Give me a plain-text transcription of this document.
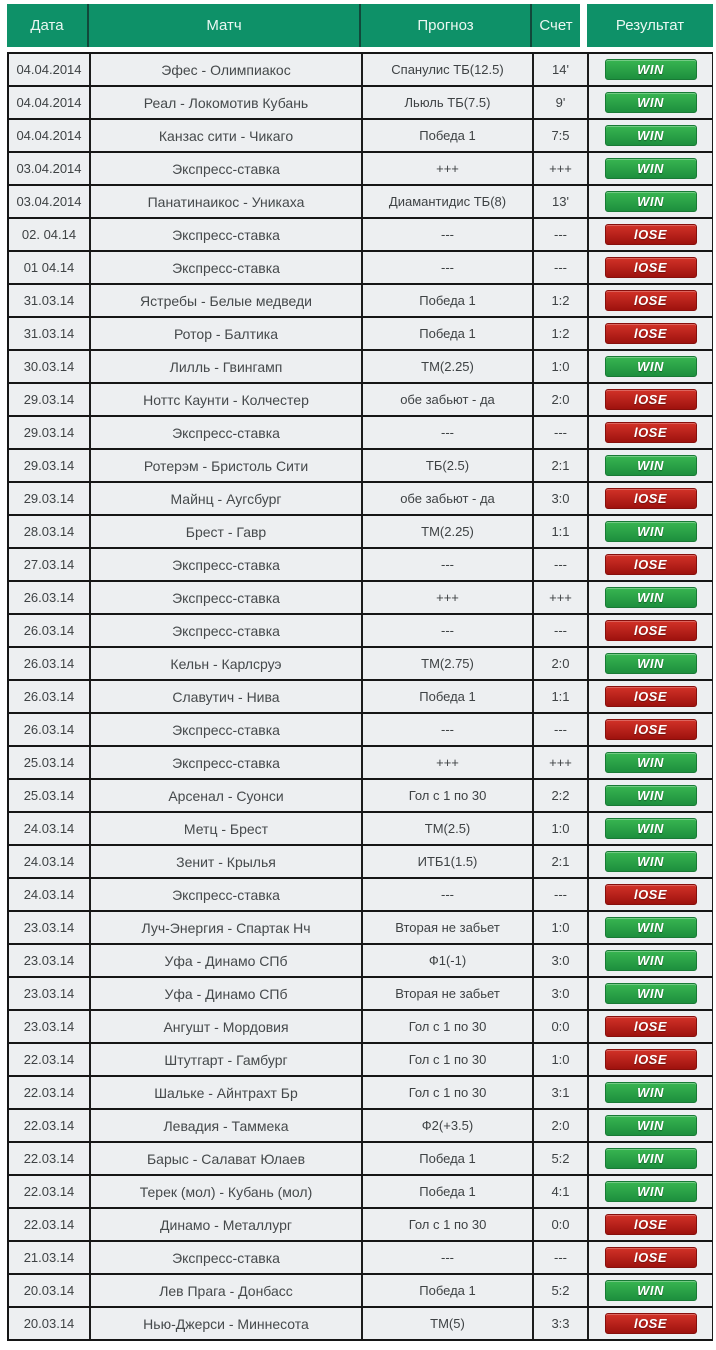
Дата	Матч	Прогноз	Счет	Результат
04.04.2014	Эфес - Олимпиакос	Спанулис ТБ(12.5)	14'	WIN
04.04.2014	Реал - Локомотив Кубань	Льюль ТБ(7.5)	9'	WIN
04.04.2014	Канзас сити - Чикаго	Победа 1	7:5	WIN
03.04.2014	Экспресс-ставка	+++	+++	WIN
03.04.2014	Панатинаикос - Уникаха	Диамантидис ТБ(8)	13'	WIN
02. 04.14	Экспресс-ставка	---	---	lOSE
01 04.14	Экспресс-ставка	---	---	lOSE
31.03.14	Ястребы - Белые медведи	Победа 1	1:2	lOSE
31.03.14	Ротор - Балтика	Победа 1	1:2	lOSE
30.03.14	Лилль - Гвингамп	ТМ(2.25)	1:0	WIN
29.03.14	Ноттс Каунти - Колчестер	обе забьют - да	2:0	lOSE
29.03.14	Экспресс-ставка	---	---	lOSE
29.03.14	Ротерэм - Бристоль Сити	ТБ(2.5)	2:1	WIN
29.03.14	Майнц - Аугсбург	обе забьют - да	3:0	lOSE
28.03.14	Брест - Гавр	ТМ(2.25)	1:1	WIN
27.03.14	Экспресс-ставка	---	---	lOSE
26.03.14	Экспресс-ставка	+++	+++	WIN
26.03.14	Экспресс-ставка	---	---	lOSE
26.03.14	Кельн - Карлсруэ	ТМ(2.75)	2:0	WIN
26.03.14	Славутич - Нива	Победа 1	1:1	lOSE
26.03.14	Экспресс-ставка	---	---	lOSE
25.03.14	Экспресс-ставка	+++	+++	WIN
25.03.14	Арсенал - Суонси	Гол с 1 по 30	2:2	WIN
24.03.14	Метц - Брест	ТМ(2.5)	1:0	WIN
24.03.14	Зенит - Крылья	ИТБ1(1.5)	2:1	WIN
24.03.14	Экспресс-ставка	---	---	lOSE
23.03.14	Луч-Энергия - Спартак Нч	Вторая не забьет	1:0	WIN
23.03.14	Уфа - Динамо СПб	Ф1(-1)	3:0	WIN
23.03.14	Уфа - Динамо СПб	Вторая не забьет	3:0	WIN
23.03.14	Ангушт - Мордовия	Гол с 1 по 30	0:0	lOSE
22.03.14	Штутгарт - Гамбург	Гол с 1 по 30	1:0	lOSE
22.03.14	Шальке - Айнтрахт Бр	Гол с 1 по 30	3:1	WIN
22.03.14	Левадия - Таммека	Ф2(+3.5)	2:0	WIN
22.03.14	Барыс - Салават Юлаев	Победа 1	5:2	WIN
22.03.14	Терек (мол) - Кубань (мол)	Победа 1	4:1	WIN
22.03.14	Динамо - Металлург	Гол с 1 по 30	0:0	lOSE
21.03.14	Экспресс-ставка	---	---	lOSE
20.03.14	Лев Прага - Донбасс	Победа 1	5:2	WIN
20.03.14	Нью-Джерси - Миннесота	ТМ(5)	3:3	lOSE
